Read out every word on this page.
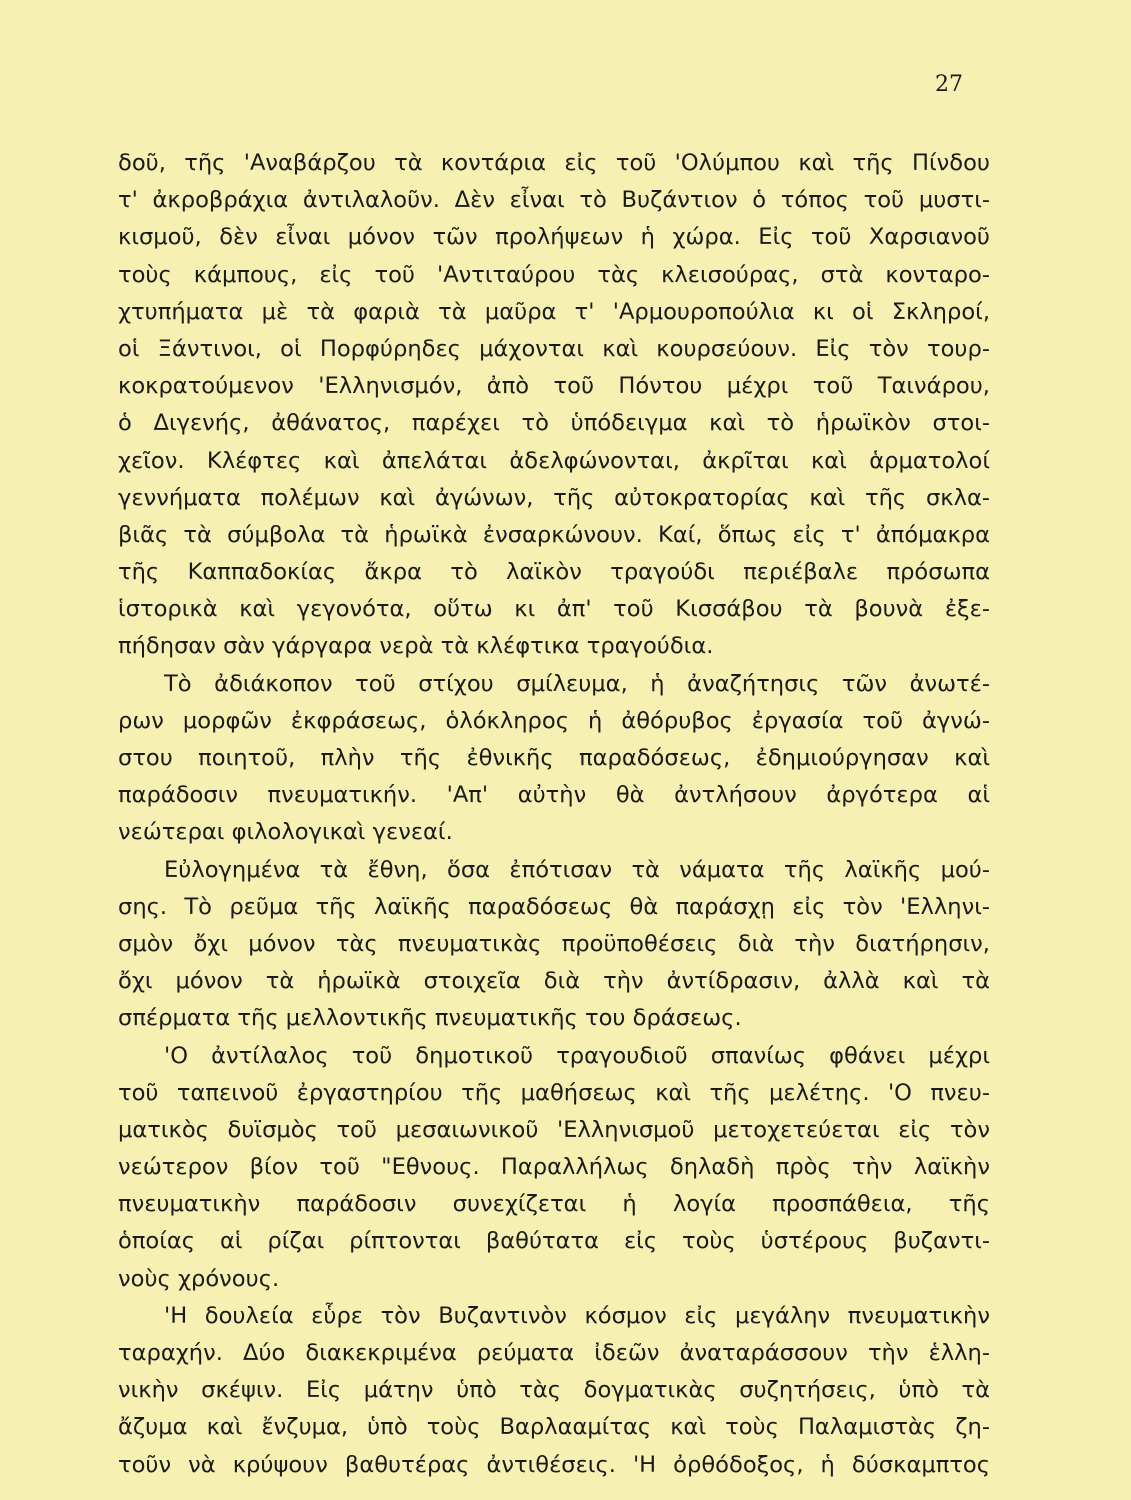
27
δοῦ, τῆς 'Αναβάρζου τὰ κοντάρια εἰς τοῦ 'Ολύμπου καὶ τῆς Πίνδου
τ' ἀκροβράχια ἀντιλαλοῦν. Δὲν εἶναι τὸ Βυζάντιον ὁ τόπος τοῦ μυστι-
κισμοῦ, δὲν εἶναι μόνον τῶν προλήψεων ἡ χώρα. Εἰς τοῦ Χαρσιανοῦ
τοὺς κάμπους, εἰς τοῦ 'Αντιταύρου τὰς κλεισούρας, στὰ κονταρο-
χτυπήματα μὲ τὰ φαριὰ τὰ μαῦρα τ' 'Αρμουροπούλια κι οἱ Σκληροί,
οἱ Ξάντινοι, οἱ Πορφύρηδες μάχονται καὶ κουρσεύουν. Εἰς τὸν τουρ-
κοκρατούμενον 'Ελληνισμόν, ἀπὸ τοῦ Πόντου μέχρι τοῦ Ταινάρου,
ὁ Διγενής, ἀθάνατος, παρέχει τὸ ὑπόδειγμα καὶ τὸ ἡρωϊκὸν στοι-
χεῖον. Κλέφτες καὶ ἀπελάται ἀδελφώνονται, ἀκρῖται καὶ ἁρματολοί
γεννήματα πολέμων καὶ ἀγώνων, τῆς αὐτοκρατορίας καὶ τῆς σκλα-
βιᾶς τὰ σύμβολα τὰ ἡρωϊκὰ ἐνσαρκώνουν. Καί, ὅπως εἰς τ' ἀπόμακρα
τῆς Καππαδοκίας ἄκρα τὸ λαϊκὸν τραγούδι περιέβαλε πρόσωπα
ἱστορικὰ καὶ γεγονότα, οὕτω κι ἀπ' τοῦ Κισσάβου τὰ βουνὰ ἐξε-
πήδησαν σὰν γάργαρα νερὰ τὰ κλέφτικα τραγούδια.
Τὸ ἀδιάκοπον τοῦ στίχου σμίλευμα, ἡ ἀναζήτησις τῶν ἀνωτέ-
ρων μορφῶν ἐκφράσεως, ὁλόκληρος ἡ ἀθόρυβος ἐργασία τοῦ ἀγνώ-
στου ποιητοῦ, πλὴν τῆς ἐθνικῆς παραδόσεως, ἐδημιούργησαν καὶ
παράδοσιν πνευματικήν. 'Απ' αὐτὴν θὰ ἀντλήσουν ἀργότερα αἱ
νεώτεραι φιλολογικαὶ γενεαί.
Εὐλογημένα τὰ ἔθνη, ὅσα ἐπότισαν τὰ νάματα τῆς λαϊκῆς μού-
σης. Τὸ ρεῦμα τῆς λαϊκῆς παραδόσεως θὰ παράσχῃ εἰς τὸν 'Ελληνι-
σμὸν ὄχι μόνον τὰς πνευματικὰς προϋποθέσεις διὰ τὴν διατήρησιν,
ὄχι μόνον τὰ ἡρωϊκὰ στοιχεῖα διὰ τὴν ἀντίδρασιν, ἀλλὰ καὶ τὰ
σπέρματα τῆς μελλοντικῆς πνευματικῆς του δράσεως.
'Ο ἀντίλαλος τοῦ δημοτικοῦ τραγουδιοῦ σπανίως φθάνει μέχρι
τοῦ ταπεινοῦ ἐργαστηρίου τῆς μαθήσεως καὶ τῆς μελέτης. 'Ο πνευ-
ματικὸς δυϊσμὸς τοῦ μεσαιωνικοῦ 'Ελληνισμοῦ μετοχετεύεται εἰς τὸν
νεώτερον βίον τοῦ "Εθνους. Παραλλήλως δηλαδὴ πρὸς τὴν λαϊκὴν
πνευματικὴν παράδοσιν συνεχίζεται ἡ λογία προσπάθεια, τῆς
ὁποίας αἱ ρίζαι ρίπτονται βαθύτατα εἰς τοὺς ὑστέρους βυζαντι-
νοὺς χρόνους.
'Η δουλεία εὗρε τὸν Βυζαντινὸν κόσμον εἰς μεγάλην πνευματικὴν
ταραχήν. Δύο διακεκριμένα ρεύματα ἰδεῶν ἀναταράσσουν τὴν ἑλλη-
νικὴν σκέψιν. Εἰς μάτην ὑπὸ τὰς δογματικὰς συζητήσεις, ὑπὸ τὰ
ἄζυμα καὶ ἔνζυμα, ὑπὸ τοὺς Βαρλααμίτας καὶ τοὺς Παλαμιστὰς ζη-
τοῦν νὰ κρύψουν βαθυτέρας ἀντιθέσεις. 'Η ὀρθόδοξος, ἡ δύσκαμπτος
